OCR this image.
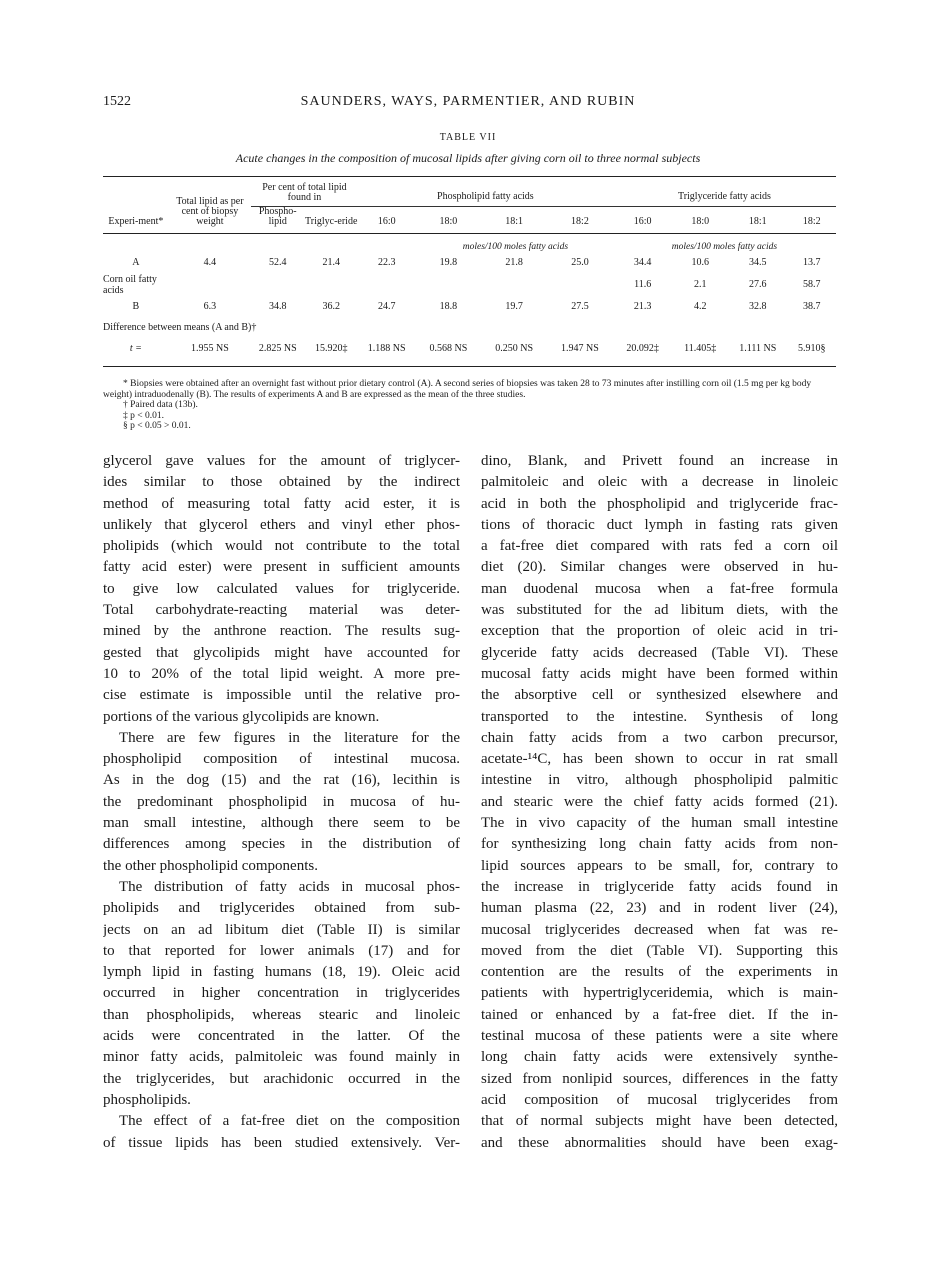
1522	SAUNDERS, WAYS, PARMENTIER, AND RUBIN
TABLE VII
Acute changes in the composition of mucosal lipids after giving corn oil to three normal subjects

Experi-ment*	Total lipid as per cent of biopsy weight	Per cent of total lipid found in		Phospholipid fatty acids				Triglyceride fatty acids			
		Phospho-lipid	Triglyc-eride								
				16:0	18:0	18:1	18:2	16:0	18:0	18:1	18:2

				moles/100 moles fatty acids				moles/100 moles fatty acids			
A	4.4	52.4	21.4	22.3	19.8	21.8	25.0	34.4	10.6	34.5	13.7
Corn oil fatty acids								11.6	2.1	27.6	58.7
B	6.3	34.8	36.2	24.7	18.8	19.7	27.5	21.3	4.2	32.8	38.7
Difference between means (A and B)†											
t =	1.955 NS	2.825 NS	15.920‡	1.188 NS	0.568 NS	0.250 NS	1.947 NS	20.092‡	11.405‡	1.111 NS	5.910§

* Biopsies were obtained after an overnight fast without prior dietary control (A). A second series of biopsies was taken 28 to 73 minutes after instilling corn oil (1.5 mg per kg body weight) intraduodenally (B). The results of experiments A and B are expressed as the mean of the three studies.
† Paired data (13b).
‡ p < 0.01.
§ p < 0.05 > 0.01.
glycerol gave values for the amount of triglycer-
ides similar to those obtained by the indirect
method of measuring total fatty acid ester, it is
unlikely that glycerol ethers and vinyl ether phos-
pholipids (which would not contribute to the total
fatty acid ester) were present in sufficient amounts
to give low calculated values for triglyceride.
Total carbohydrate-reacting material was deter-
mined by the anthrone reaction. The results sug-
gested that glycolipids might have accounted for
10 to 20% of the total lipid weight. A more pre-
cise estimate is impossible until the relative pro-
portions of the various glycolipids are known.
There are few figures in the literature for the
phospholipid composition of intestinal mucosa.
As in the dog (15) and the rat (16), lecithin is
the predominant phospholipid in mucosa of hu-
man small intestine, although there seem to be
differences among species in the distribution of
the other phospholipid components.
The distribution of fatty acids in mucosal phos-
pholipids and triglycerides obtained from sub-
jects on an ad libitum diet (Table II) is similar
to that reported for lower animals (17) and for
lymph lipid in fasting humans (18, 19). Oleic acid
occurred in higher concentration in triglycerides
than phospholipids, whereas stearic and linoleic
acids were concentrated in the latter. Of the
minor fatty acids, palmitoleic was found mainly in
the triglycerides, but arachidonic occurred in the
phospholipids.
The effect of a fat-free diet on the composition
of tissue lipids has been studied extensively. Ver-
dino, Blank, and Privett found an increase in
palmitoleic and oleic with a decrease in linoleic
acid in both the phospholipid and triglyceride frac-
tions of thoracic duct lymph in fasting rats given
a fat-free diet compared with rats fed a corn oil
diet (20). Similar changes were observed in hu-
man duodenal mucosa when a fat-free formula
was substituted for the ad libitum diets, with the
exception that the proportion of oleic acid in tri-
glyceride fatty acids decreased (Table VI). These
mucosal fatty acids might have been formed within
the absorptive cell or synthesized elsewhere and
transported to the intestine. Synthesis of long
chain fatty acids from a two carbon precursor,
acetate-¹⁴C, has been shown to occur in rat small
intestine in vitro, although phospholipid palmitic
and stearic were the chief fatty acids formed (21).
The in vivo capacity of the human small intestine
for synthesizing long chain fatty acids from non-
lipid sources appears to be small, for, contrary to
the increase in triglyceride fatty acids found in
human plasma (22, 23) and in rodent liver (24),
mucosal triglycerides decreased when fat was re-
moved from the diet (Table VI). Supporting this
contention are the results of the experiments in
patients with hypertriglyceridemia, which is main-
tained or enhanced by a fat-free diet. If the in-
testinal mucosa of these patients were a site where
long chain fatty acids were extensively synthe-
sized from nonlipid sources, differences in the fatty
acid composition of mucosal triglycerides from
that of normal subjects might have been detected,
and these abnormalities should have been exag-
